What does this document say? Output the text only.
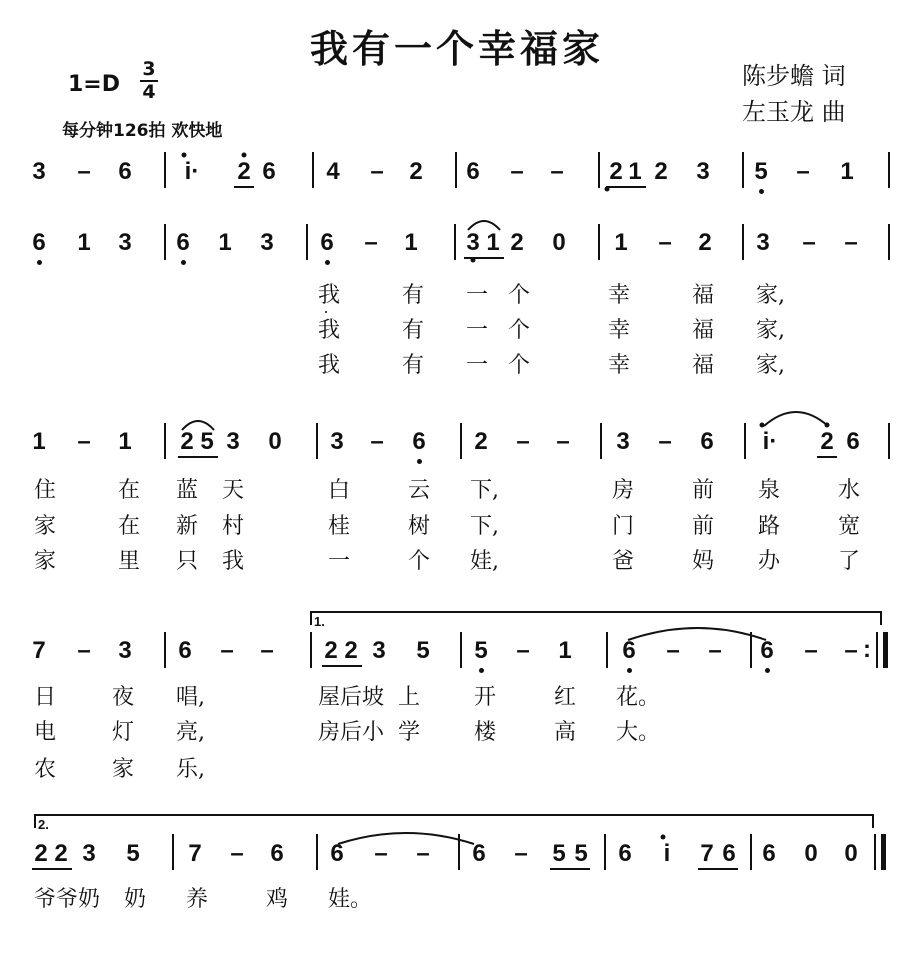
我有一个幸福家
陈步蟾 词
左玉龙 曲
1=D
3
4
每分钟126拍 欢快地
3 – 6	i·	2 6 4 – 2 6 – – 2 1 2 3 5 – 1
6 1 3 6 1 3 6 – 1 3 1 2 0 1 – 2 3 – –
我	有 一 个	幸	福 家,
我	有 一 个	幸	福 家,
我	有 一 个	幸	福 家,
1 – 1 2 5 3 0 3 – 6 2 – – 3 – 6	i·	2 6
住	在 蓝 天	白	云 下,	房	前 泉	水
家	在 新 村	桂	树 下,	门	前 路	宽
家	里 只 我	一	个 娃,	爸	妈 办	了
1.
7 – 3 6 – – 2 2 3 5 5 – 1 6 – – 6 – – :
日	夜 唱,	屋后坡 上 开	红 花。
电	灯 亮,	房后小 学 楼	高 大。
农	家 乐,
2.
2 2 3 5 7 – 6 6 – – 6 – 5 5 6	i	7 6 6 0 0
爷爷奶 奶 养	鸡 娃。
